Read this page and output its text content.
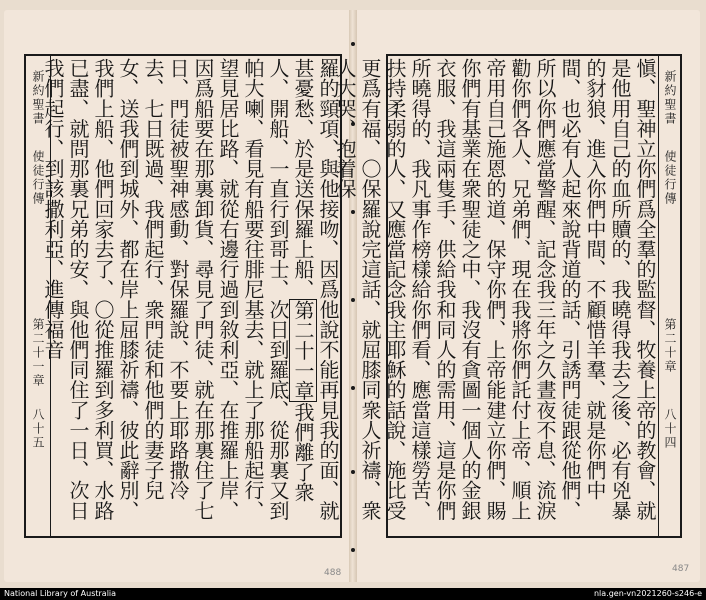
新約聖書
使徒行傳
第二十一章
八十五	羅的頸項、與他接吻、因爲他說不能再見我的面、就甚憂愁、於是送保羅上船、第二十一章我們離了衆人、開船、一直行到哥士、次日到羅底、從那裏又到帕大喇、看見有船要往腓尼基去、就上了那船起行、望見居比路、就從右邊行過到敘利亞、在推羅上岸、因爲船要在那裏卸貨、尋見了門徒、就在那裏住了七日、門徒被聖神感動、對保羅說、不要上耶路撒冷去、七日既過、我們起行、衆門徒和他們的妻子兒女、送我們到城外、都在岸上屈膝祈禱、彼此辭別、我們上船、他們回家去了、〇從推羅到多利買、水路已盡、就問那裏兄弟的安、與他們同住了一日、次日我們起行、到該撒利亞、進傳福音
488
新約聖書
使徒行傳
第二十章
八十四
愼、聖神立你們爲全羣的監督、牧養上帝的教會、就是他用自己的血所贖的、我曉得我去之後、必有兇暴的豺狼、進入你們中間、不顧惜羊羣、就是你們中間、也必有人起來說背道的話、引誘門徒跟從他們、所以你們應當警醒、記念我三年之久晝夜不息、流淚勸你們各人、兄弟們、現在我將你們託付上帝、順上帝用自己施恩的道、保守你們、上帝能建立你們、賜你們有基業在衆聖徒之中、我沒有貪圖一個人的金銀衣服、我這兩隻手、供給我和同人的需用、這是你們所曉得的、我凡事作榜樣給你們看、應當這樣勞苦、扶持柔弱的人、又應當記念我主耶穌的話說、施比受更爲有福、〇保羅說完這話、就屈膝同衆人祈禱、衆人大哭、抱着保
487
National Library of Australia	nla.gen-vn2021260-s246-e
